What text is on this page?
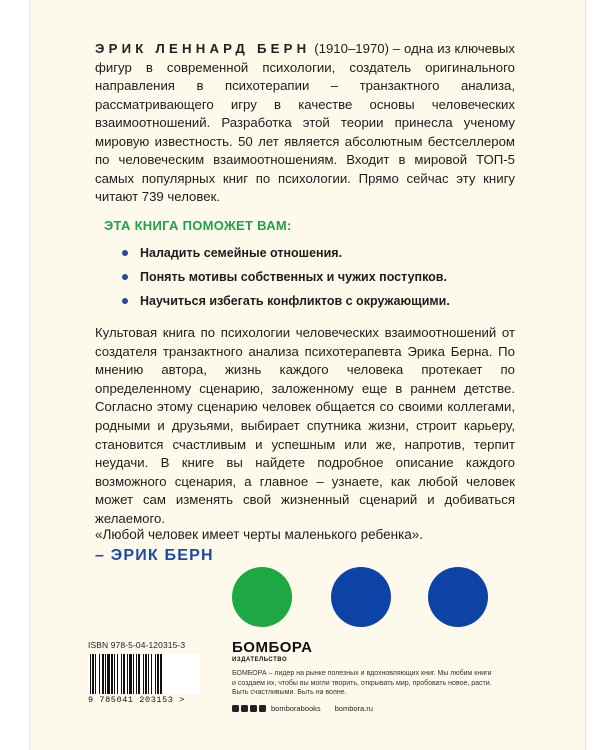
ЭРИК ЛЕННАРД БЕРН (1910–1970) – одна из ключевых фигур в современной психологии, создатель оригинального направления в психотерапии – транзактного анализа, рассматривающего игру в качестве основы человеческих взаимоотношений. Разработка этой теории принесла ученому мировую известность. 50 лет является абсолютным бестселлером по человеческим взаимоотношениям. Входит в мировой ТОП-5 самых популярных книг по психологии. Прямо сейчас эту книгу читают 739 человек.

ЭТА КНИГА ПОМОЖЕТ ВАМ:
Наладить семейные отношения.
Понять мотивы собственных и чужих поступков.
Научиться избегать конфликтов с окружающими.

Культовая книга по психологии человеческих взаимоотношений от создателя транзактного анализа психотерапевта Эрика Берна. По мнению автора, жизнь каждого человека протекает по определенному сценарию, заложенному еще в раннем детстве. Согласно этому сценарию человек общается со своими коллегами, родными и друзьями, выбирает спутника жизни, строит карьеру, становится счастливым и успешным или же, напротив, терпит неудачи. В книге вы найдете подробное описание каждого возможного сценария, а главное – узнаете, как любой человек может сам изменять свой жизненный сценарий и добиваться желаемого.

«Любой человек имеет черты маленького ребенка».
– ЭРИК БЕРН
ISBN 978-5-04-120315-3
9 785041 203153 >
БОМБОРА
ИЗДАТЕЛЬСТВО
БОМБОРА – лидер на рынке полезных и вдохновляющих книг. Мы любим книги и создаем их, чтобы вы могли творить, открывать мир, пробовать новое, расти. Быть счастливыми. Быть на волне.
bomborabooks bombora.ru
